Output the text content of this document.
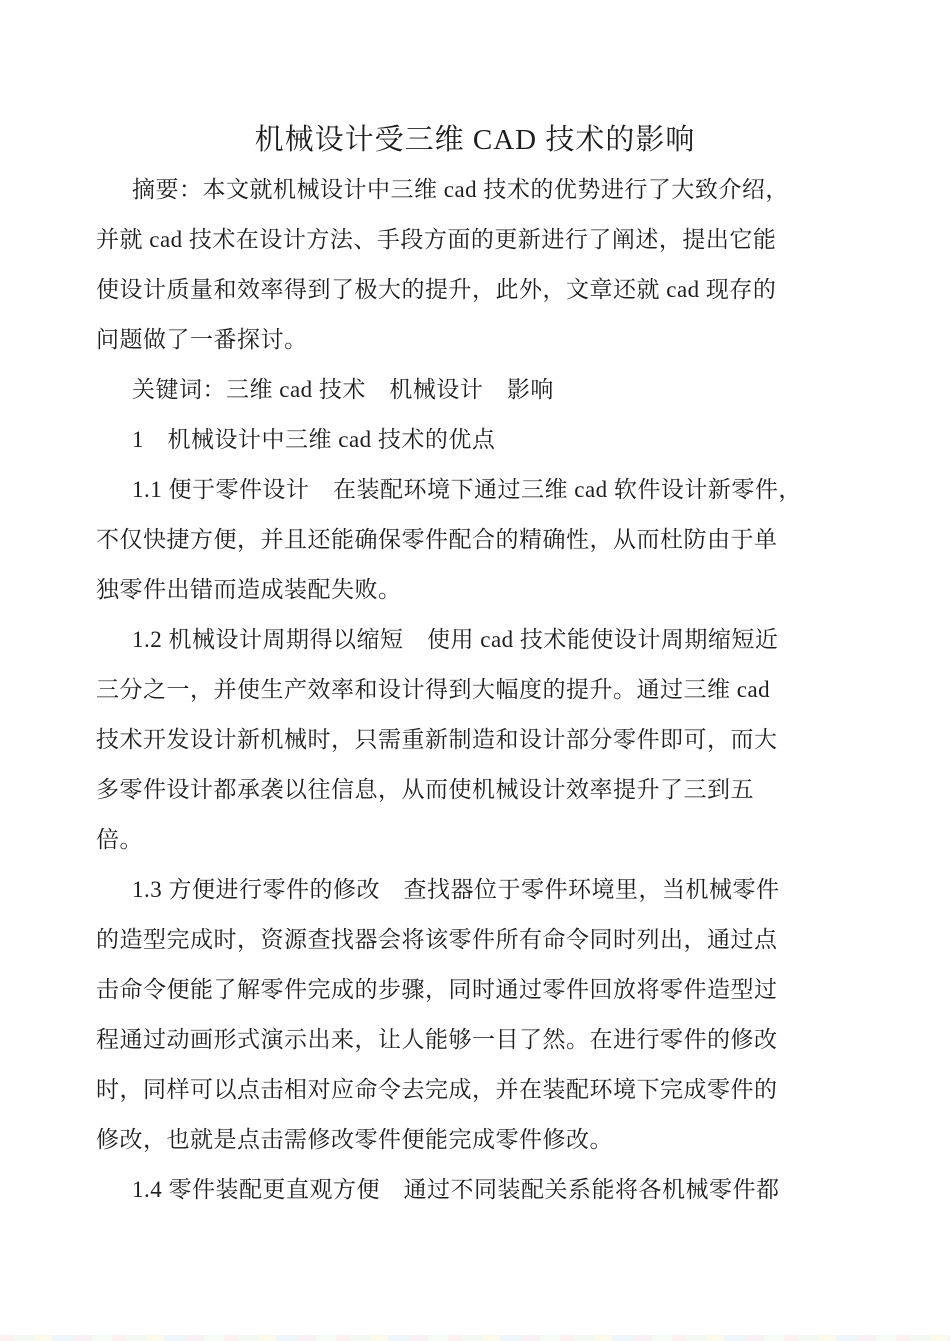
机械设计受三维 CAD 技术的影响
摘要：本文就机械设计中三维 cad 技术的优势进行了大致介绍，
并就 cad 技术在设计方法、手段方面的更新进行了阐述，提出它能
使设计质量和效率得到了极大的提升，此外，文章还就 cad 现存的
问题做了一番探讨。
关键词：三维 cad 技术　机械设计　影响
1　机械设计中三维 cad 技术的优点
1.1 便于零件设计　在装配环境下通过三维 cad 软件设计新零件，
不仅快捷方便，并且还能确保零件配合的精确性，从而杜防由于单
独零件出错而造成装配失败。
1.2 机械设计周期得以缩短　使用 cad 技术能使设计周期缩短近
三分之一，并使生产效率和设计得到大幅度的提升。通过三维 cad
技术开发设计新机械时，只需重新制造和设计部分零件即可，而大
多零件设计都承袭以往信息，从而使机械设计效率提升了三到五
倍。
1.3 方便进行零件的修改　查找器位于零件环境里，当机械零件
的造型完成时，资源查找器会将该零件所有命令同时列出，通过点
击命令便能了解零件完成的步骤，同时通过零件回放将零件造型过
程通过动画形式演示出来，让人能够一目了然。在进行零件的修改
时，同样可以点击相对应命令去完成，并在装配环境下完成零件的
修改，也就是点击需修改零件便能完成零件修改。
1.4 零件装配更直观方便　通过不同装配关系能将各机械零件都
